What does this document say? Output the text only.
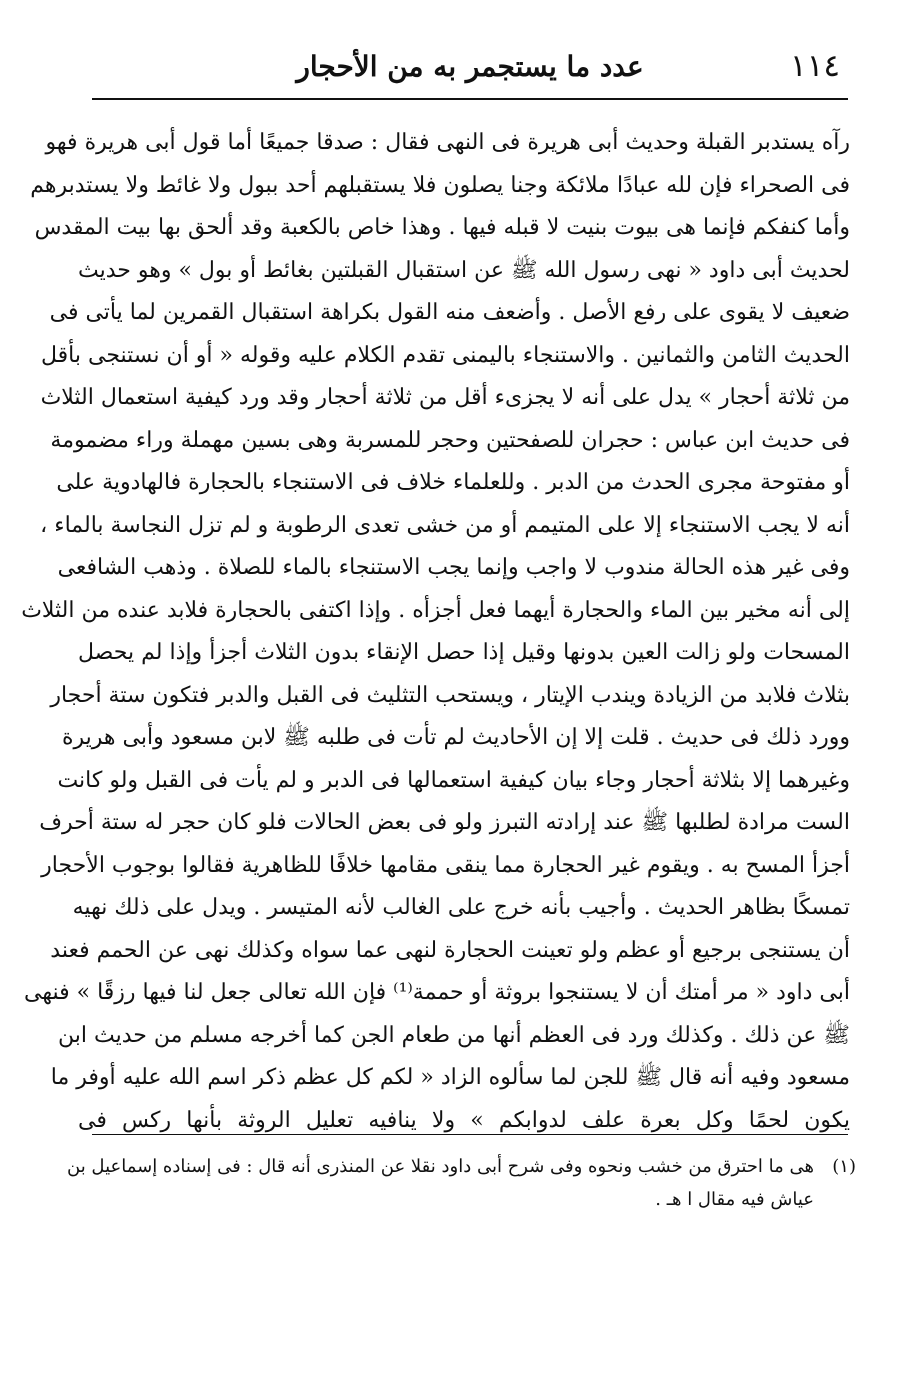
١١٤
عدد ما يستجمر به من الأحجار
رآه يستدبر القبلة وحديث أبى هريرة فى النهى فقال : صدقا جميعًا أما قول أبى هريرة فهو
فى الصحراء فإن لله عبادًا ملائكة وجنا يصلون فلا يستقبلهم أحد ببول ولا غائط ولا يستدبرهم
وأما كنفكم فإنما هى بيوت بنيت لا قبله فيها . وهذا خاص بالكعبة وقد ألحق بها بيت المقدس
لحديث أبى داود « نهى رسول الله ﷺ عن استقبال القبلتين بغائط أو بول » وهو حديث
ضعيف لا يقوى على رفع الأصل . وأضعف منه القول بكراهة استقبال القمرين لما يأتى فى
الحديث الثامن والثمانين . والاستنجاء باليمنى تقدم الكلام عليه وقوله « أو أن نستنجى بأقل
من ثلاثة أحجار » يدل على أنه لا يجزىء أقل من ثلاثة أحجار وقد ورد كيفية استعمال الثلاث
فى حديث ابن عباس : حجران للصفحتين وحجر للمسربة وهى بسين مهملة وراء مضمومة
أو مفتوحة مجرى الحدث من الدبر . وللعلماء خلاف فى الاستنجاء بالحجارة فالهادوية على
أنه لا يجب الاستنجاء إلا على المتيمم أو من خشى تعدى الرطوبة و لم تزل النجاسة بالماء ،
وفى غير هذه الحالة مندوب لا واجب وإنما يجب الاستنجاء بالماء للصلاة . وذهب الشافعى
إلى أنه مخير بين الماء والحجارة أيهما فعل أجزأه . وإذا اكتفى بالحجارة فلابد عنده من الثلاث
المسحات ولو زالت العين بدونها وقيل إذا حصل الإنقاء بدون الثلاث أجزأ وإذا لم يحصل
بثلاث فلابد من الزيادة ويندب الإيتار ، ويستحب التثليث فى القبل والدبر فتكون ستة أحجار
وورد ذلك فى حديث . قلت إلا إن الأحاديث لم تأت فى طلبه ﷺ لابن مسعود وأبى هريرة
وغيرهما إلا بثلاثة أحجار وجاء بيان كيفية استعمالها فى الدبر و لم يأت فى القبل ولو كانت
الست مرادة لطلبها ﷺ عند إرادته التبرز ولو فى بعض الحالات فلو كان حجر له ستة أحرف
أجزأ المسح به . ويقوم غير الحجارة مما ينقى مقامها خلافًا للظاهرية فقالوا بوجوب الأحجار
تمسكًا بظاهر الحديث . وأجيب بأنه خرج على الغالب لأنه المتيسر . ويدل على ذلك نهيه
أن يستنجى برجيع أو عظم ولو تعينت الحجارة لنهى عما سواه وكذلك نهى عن الحمم فعند
أبى داود « مر أمتك أن لا يستنجوا بروثة أو حممة⁽¹⁾ فإن الله تعالى جعل لنا فيها رزقًا » فنهى
ﷺ عن ذلك . وكذلك ورد فى العظم أنها من طعام الجن كما أخرجه مسلم من حديث ابن
مسعود وفيه أنه قال ﷺ للجن لما سألوه الزاد « لكم كل عظم ذكر اسم الله عليه أوفر ما
يكون لحمًا وكل بعرة علف لدوابكم » ولا ينافيه تعليل الروثة بأنها ركس فى
(١)هى ما احترق من خشب ونحوه وفى شرح أبى داود نقلا عن المنذرى أنه قال : فى إسناده إسماعيل بن
عياش فيه مقال ا هـ .
